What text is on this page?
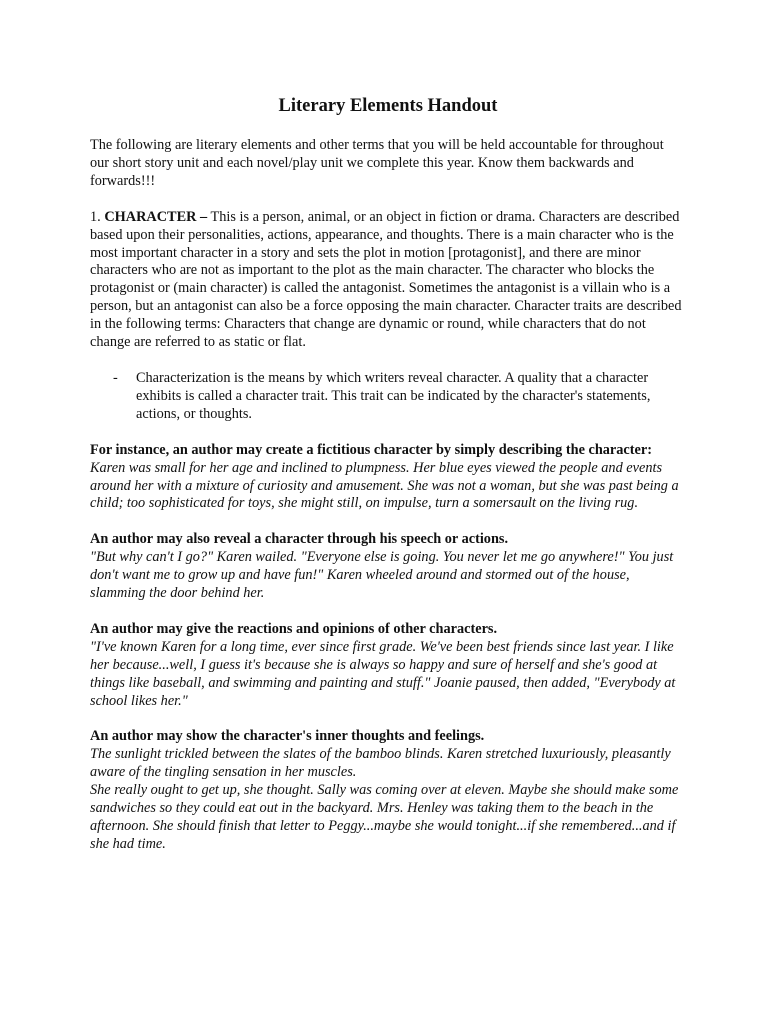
Literary Elements Handout

The following are literary elements and other terms that you will be held accountable for throughout our short story unit and each novel/play unit we complete this year. Know them backwards and forwards!!!

1. CHARACTER – This is a person, animal, or an object in fiction or drama. Characters are described based upon their personalities, actions, appearance, and thoughts. There is a main character who is the most important character in a story and sets the plot in motion [protagonist], and there are minor characters who are not as important to the plot as the main character. The character who blocks the protagonist or (main character) is called the antagonist. Sometimes the antagonist is a villain who is a person, but an antagonist can also be a force opposing the main character. Character traits are described in the following terms: Characters that change are dynamic or round, while characters that do not change are referred to as static or flat.

-	Characterization is the means by which writers reveal character. A quality that a character exhibits is called a character trait. This trait can be indicated by the character's statements, actions, or thoughts.

For instance, an author may create a fictitious character by simply describing the character:

Karen was small for her age and inclined to plumpness. Her blue eyes viewed the people and events around her with a mixture of curiosity and amusement. She was not a woman, but she was past being a child; too sophisticated for toys, she might still, on impulse, turn a somersault on the living rug.

An author may also reveal a character through his speech or actions.

"But why can't I go?" Karen wailed. "Everyone else is going. You never let me go anywhere!" You just don't want me to grow up and have fun!" Karen wheeled around and stormed out of the house, slamming the door behind her.

An author may give the reactions and opinions of other characters.

"I've known Karen for a long time, ever since first grade. We've been best friends since last year. I like her because...well, I guess it's because she is always so happy and sure of herself and she's good at things like baseball, and swimming and painting and stuff." Joanie paused, then added, "Everybody at school likes her."

An author may show the character's inner thoughts and feelings.

The sunlight trickled between the slates of the bamboo blinds. Karen stretched luxuriously, pleasantly aware of the tingling sensation in her muscles.

She really ought to get up, she thought. Sally was coming over at eleven. Maybe she should make some sandwiches so they could eat out in the backyard. Mrs. Henley was taking them to the beach in the afternoon. She should finish that letter to Peggy...maybe she would tonight...if she remembered...and if she had time.
